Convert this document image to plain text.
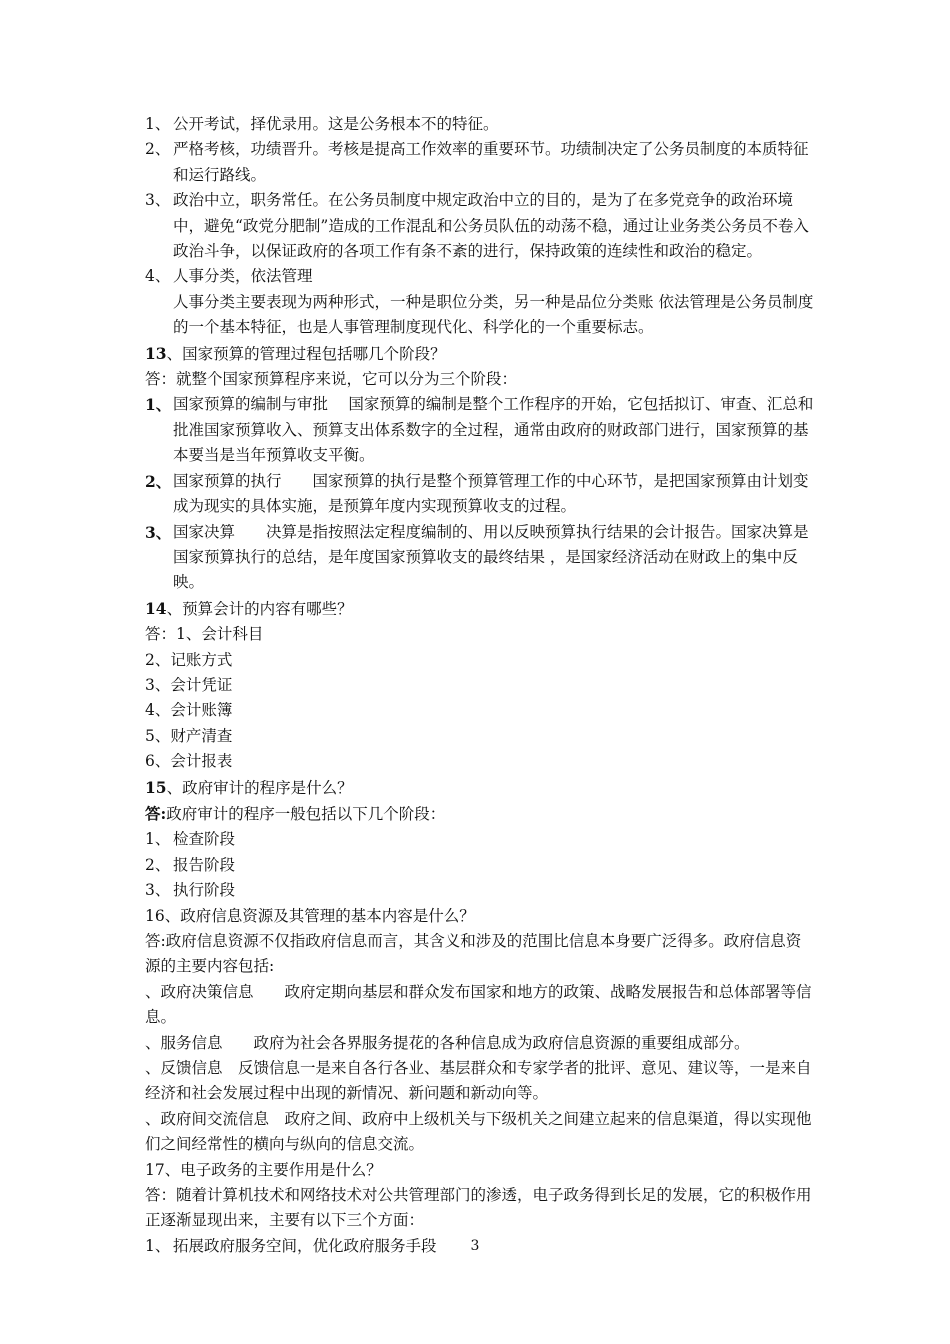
1、 公开考试，择优录用。这是公务根本不的特征。
2、 严格考核，功绩晋升。考核是提高工作效率的重要环节。功绩制决定了公务员制度的本质特征和运行路线。
3、 政治中立，职务常任。在公务员制度中规定政治中立的目的，是为了在多党竞争的政治环境中，避免“政党分肥制”造成的工作混乱和公务员队伍的动荡不稳，通过让业务类公务员不卷入政治斗争，以保证政府的各项工作有条不紊的进行，保持政策的连续性和政治的稳定。
4、 人事分类，依法管理

人事分类主要表现为两种形式，一种是职位分类，另一种是品位分类账 依法管理是公务员制度的一个基本特征，也是人事管理制度现代化、科学化的一个重要标志。

13、国家预算的管理过程包括哪几个阶段？

答：就整个国家预算程序来说，它可以分为三个阶段：

1、 国家预算的编制与审批　 国家预算的编制是整个工作程序的开始，它包括拟订、审查、汇总和批准国家预算收入、预算支出体系数字的全过程，通常由政府的财政部门进行，国家预算的基本要当是当年预算收支平衡。
2、 国家预算的执行　　国家预算的执行是整个预算管理工作的中心环节，是把国家预算由计划变成为现实的具体实施，是预算年度内实现预算收支的过程。
3、 国家决算　　决算是指按照法定程度编制的、用以反映预算执行结果的会计报告。国家决算是国家预算执行的总结，是年度国家预算收支的最终结果 ，是国家经济活动在财政上的集中反映。
14、预算会计的内容有哪些？

答：1、会计科目

2、记账方式

3、会计凭证

4、会计账簿

5、财产清查

6、会计报表

15、政府审计的程序是什么？
答:政府审计的程序一般包括以下几个阶段：
1、 检查阶段
2、 报告阶段
3、 执行阶段

16、政府信息资源及其管理的基本内容是什么？

答:政府信息资源不仅指政府信息而言，其含义和涉及的范围比信息本身要广泛得多。政府信息资源的主要内容包括:

、政府决策信息　　政府定期向基层和群众发布国家和地方的政策、战略发展报告和总体部署等信息。

、服务信息　　政府为社会各界服务提花的各种信息成为政府信息资源的重要组成部分。

、反馈信息　反馈信息一是来自各行各业、基层群众和专家学者的批评、意见、建议等，一是来自经济和社会发展过程中出现的新情况、新问题和新动向等。

、政府间交流信息　政府之间、政府中上级机关与下级机关之间建立起来的信息渠道，得以实现他们之间经常性的横向与纵向的信息交流。

17、电子政务的主要作用是什么？

答：随着计算机技术和网络技术对公共管理部门的渗透，电子政务得到长足的发展，它的积极作用正逐渐显现出来，主要有以下三个方面：

1、 拓展政府服务空间，优化政府服务手段	3
